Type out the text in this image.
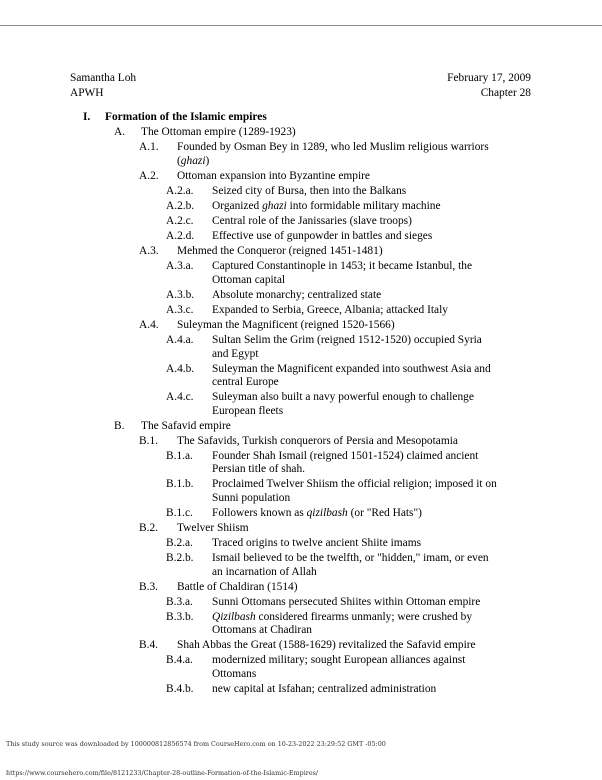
Samantha Loh
APWH
February 17, 2009
Chapter 28
I. Formation of the Islamic empires
A. The Ottoman empire (1289-1923)
A.1. Founded by Osman Bey in 1289, who led Muslim religious warriors
(ghazi)
A.2. Ottoman expansion into Byzantine empire
A.2.a. Seized city of Bursa, then into the Balkans
A.2.b. Organized ghazi into formidable military machine
A.2.c. Central role of the Janissaries (slave troops)
A.2.d. Effective use of gunpowder in battles and sieges
A.3. Mehmed the Conqueror (reigned 1451-1481)
A.3.a. Captured Constantinople in 1453; it became Istanbul, the
Ottoman capital
A.3.b. Absolute monarchy; centralized state
A.3.c. Expanded to Serbia, Greece, Albania; attacked Italy
A.4. Suleyman the Magnificent (reigned 1520-1566)
A.4.a. Sultan Selim the Grim (reigned 1512-1520) occupied Syria
and Egypt
A.4.b. Suleyman the Magnificent expanded into southwest Asia and
central Europe
A.4.c. Suleyman also built a navy powerful enough to challenge
European fleets
B. The Safavid empire
B.1. The Safavids, Turkish conquerors of Persia and Mesopotamia
B.1.a. Founder Shah Ismail (reigned 1501-1524) claimed ancient
Persian title of shah.
B.1.b. Proclaimed Twelver Shiism the official religion; imposed it on
Sunni population
B.1.c. Followers known as qizilbash (or "Red Hats")
B.2. Twelver Shiism
B.2.a. Traced origins to twelve ancient Shiite imams
B.2.b. Ismail believed to be the twelfth, or "hidden," imam, or even
an incarnation of Allah
B.3. Battle of Chaldiran (1514)
B.3.a. Sunni Ottomans persecuted Shiites within Ottoman empire
B.3.b. Qizilbash considered firearms unmanly; were crushed by
Ottomans at Chadiran
B.4. Shah Abbas the Great (1588-1629) revitalized the Safavid empire
B.4.a. modernized military; sought European alliances against
Ottomans
B.4.b. new capital at Isfahan; centralized administration
This study source was downloaded by 100000812856574 from CourseHero.com on 10-23-2022 23:29:52 GMT -05:00
https://www.coursehero.com/file/8121233/Chapter-28-outline-Formation-of-the-Islamic-Empires/
